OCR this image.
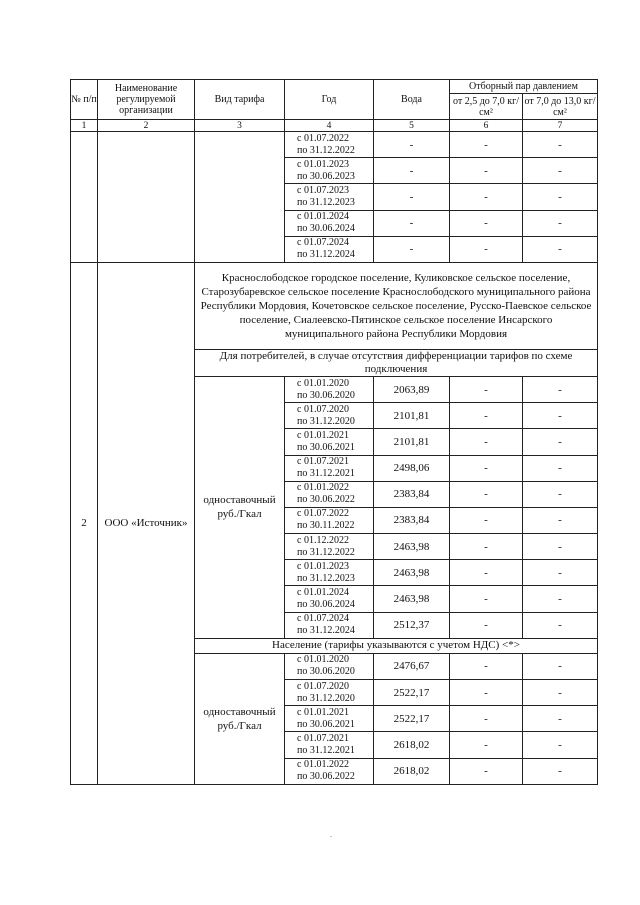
№ п/п	Наименование регулируемой организации	Вид тарифа	Год	Вода	Отборный пар давлением	
					от 2,5 до 7,0 кг/см²	от 7,0 до 13,0 кг/см²
1	2	3	4	5	6	7
			с 01.07.2022
по 31.12.2022	-	-	-
			с 01.01.2023
по 30.06.2023	-	-	-
			с 01.07.2023
по 31.12.2023	-	-	-
			с 01.01.2024
по 30.06.2024	-	-	-
			с 01.07.2024
по 31.12.2024	-	-	-
2	ООО «Источник»	Краснослободское городское поселение, Куликовское сельское поселение, Старозубаревское сельское поселение Краснослободского муниципального района Республики Мордовия, Кочетовское сельское поселение, Русско-Паевское сельское поселение, Сиалеевско-Пятинское сельское поселение Инсарского муниципального района Республики Мордовия				
		Для потребителей, в случае отсутствия дифференциации тарифов по схеме подключения				
		одноставочный руб./Гкал	с 01.01.2020
по 30.06.2020	2063,89	-	-
			с 01.07.2020
по 31.12.2020	2101,81	-	-
			с 01.01.2021
по 30.06.2021	2101,81	-	-
			с 01.07.2021
по 31.12.2021	2498,06	-	-
			с 01.01.2022
по 30.06.2022	2383,84	-	-
			с 01.07.2022
по 30.11.2022	2383,84	-	-
			с 01.12.2022
по 31.12.2022	2463,98	-	-
			с 01.01.2023
по 31.12.2023	2463,98	-	-
			с 01.01.2024
по 30.06.2024	2463,98	-	-
			с 01.07.2024
по 31.12.2024	2512,37	-	-
		Население (тарифы указываются с учетом НДС) <*>				
		одноставочный руб./Гкал	с 01.01.2020
по 30.06.2020	2476,67	-	-
			с 01.07.2020
по 31.12.2020	2522,17	-	-
			с 01.01.2021
по 30.06.2021	2522,17	-	-
			с 01.07.2021
по 31.12.2021	2618,02	-	-
			с 01.01.2022
по 30.06.2022	2618,02	-	-
.
